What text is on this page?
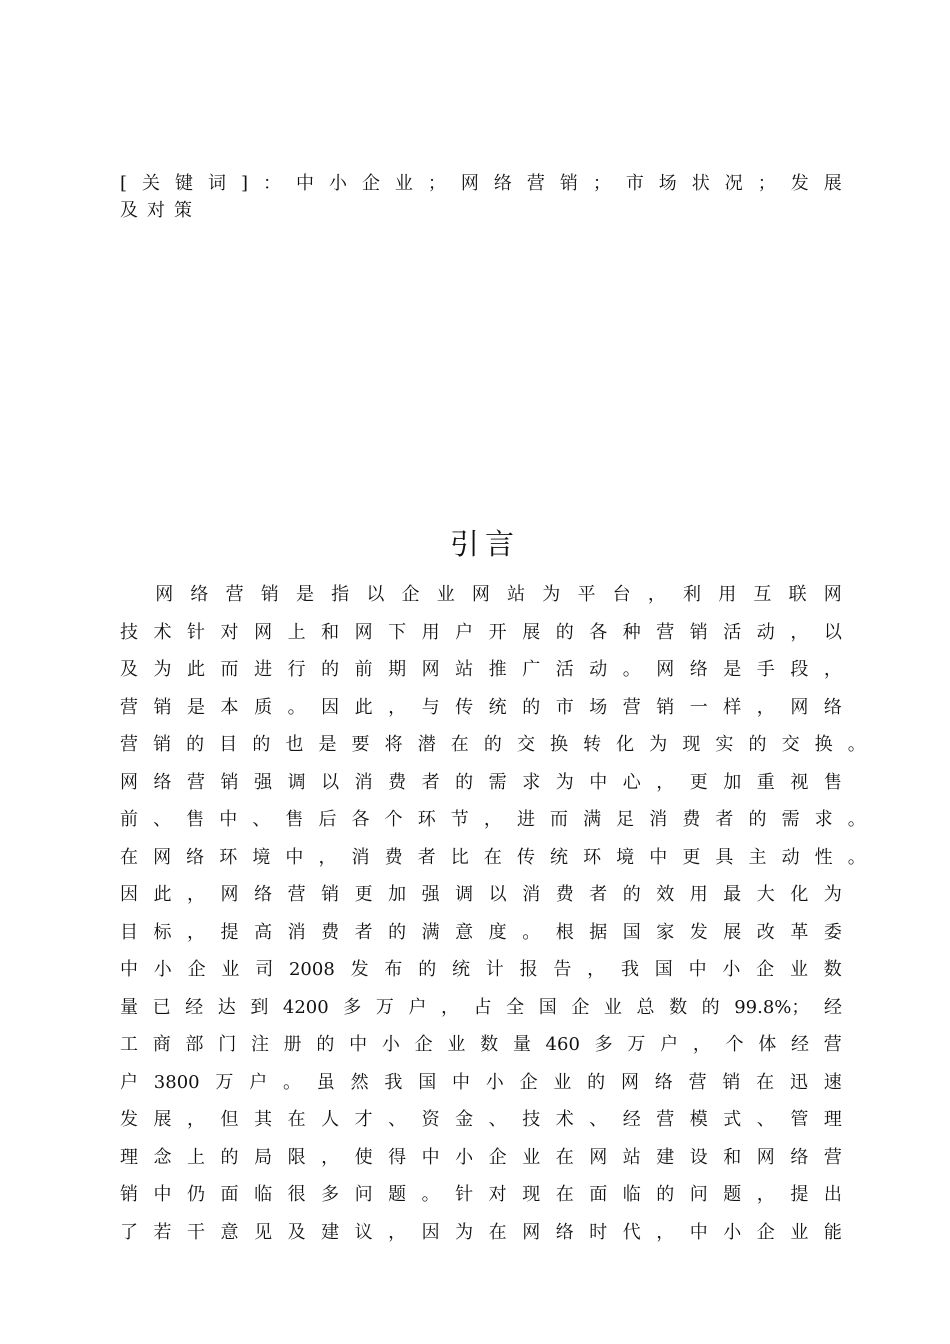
[ 关 键 词 ] ： 中 小 企 业 ； 网 络 营 销 ； 市 场 状 况 ； 发 展
及 对 策
引言
网 络 营 销 是 指 以 企 业 网 站 为 平 台 ， 利 用 互 联 网
技 术 针 对 网 上 和 网 下 用 户 开 展 的 各 种 营 销 活 动 ， 以
及 为 此 而 进 行 的 前 期 网 站 推 广 活 动 。 网 络 是 手 段 ，
营 销 是 本 质 。 因 此 ， 与 传 统 的 市 场 营 销 一 样 ， 网 络
营 销 的 目 的 也 是 要 将 潜 在 的 交 换 转 化 为 现 实 的 交 换 。
网 络 营 销 强 调 以 消 费 者 的 需 求 为 中 心 ， 更 加 重 视 售
前 、 售 中 、 售 后 各 个 环 节 ， 进 而 满 足 消 费 者 的 需 求 。
在 网 络 环 境 中 ， 消 费 者 比 在 传 统 环 境 中 更 具 主 动 性 。
因 此 ， 网 络 营 销 更 加 强 调 以 消 费 者 的 效 用 最 大 化 为
目 标 ， 提 高 消 费 者 的 满 意 度 。 根 据 国 家 发 展 改 革 委
中 小 企 业 司 2008 发 布 的 统 计 报 告 ， 我 国 中 小 企 业 数
量 已 经 达 到 4200 多 万 户 ， 占 全 国 企 业 总 数 的 99.8%； 经
工 商 部 门 注 册 的 中 小 企 业 数 量 460 多 万 户 ， 个 体 经 营
户 3800 万 户 。 虽 然 我 国 中 小 企 业 的 网 络 营 销 在 迅 速
发 展 ， 但 其 在 人 才 、 资 金 、 技 术 、 经 营 模 式 、 管 理
理 念 上 的 局 限 ， 使 得 中 小 企 业 在 网 站 建 设 和 网 络 营
销 中 仍 面 临 很 多 问 题 。 针 对 现 在 面 临 的 问 题 ， 提 出
了 若 干 意 见 及 建 议 ， 因 为 在 网 络 时 代 ， 中 小 企 业 能
